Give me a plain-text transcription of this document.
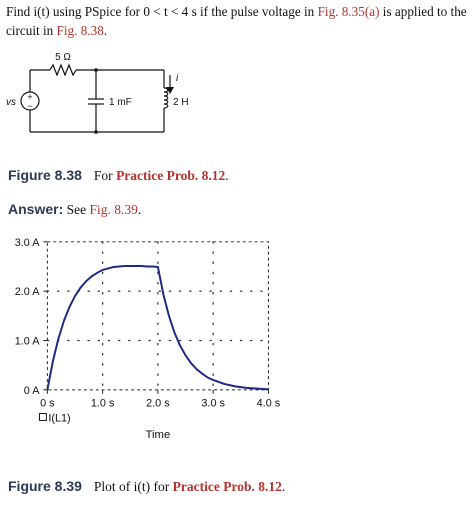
Find i(t) using PSpice for 0 < t < 4 s if the pulse voltage in Fig. 8.35(a) is applied to the circuit in Fig. 8.38.
+
−
5 Ω
1 mF	2 H
vs
i
Figure 8.38 For Practice Prob. 8.12.
Answer: See Fig. 8.39.
0 A
1.0 A
2.0 A
3.0 A
0 s	1.0 s	2.0 s	3.0 s	4.0 s
I(L1)
Time
Figure 8.39 Plot of i(t) for Practice Prob. 8.12.
